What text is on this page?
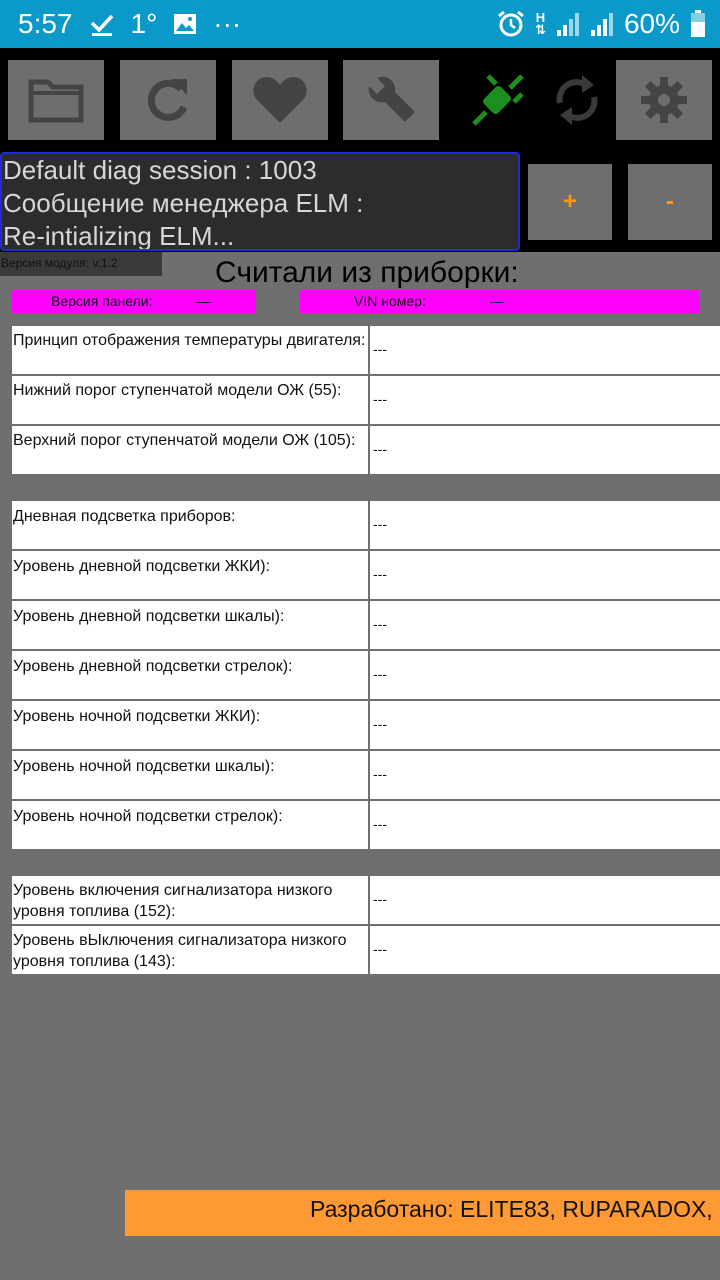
5:57 1° ···	H
⇅	60%
Default diag session : 1003
Сообщение менеджера ELM :
Re-intializing ELM...
+	-
Версия модуля: v.1.2	Считали из приборки:
Версия панели:	—	VIN номер:	—
Принцип отображения температуры двигателя: ---
Нижний порог ступенчатой модели ОЖ (55):	---
Верхний порог ступенчатой модели ОЖ (105):	---
Дневная подсветка приборов:	---
Уровень дневной подсветки ЖКИ):	---
Уровень дневной подсветки шкалы):	---
Уровень дневной подсветки стрелок):	---
Уровень ночной подсветки ЖКИ):	---
Уровень ночной подсветки шкалы):	---
Уровень ночной подсветки стрелок):	---
Уровень включения сигнализатора низкого уровня топлива (152):
---
Уровень вЫключения сигнализатора низкого уровня топлива (143):
---
Разработано: ELITE83, RUPARADOX,
